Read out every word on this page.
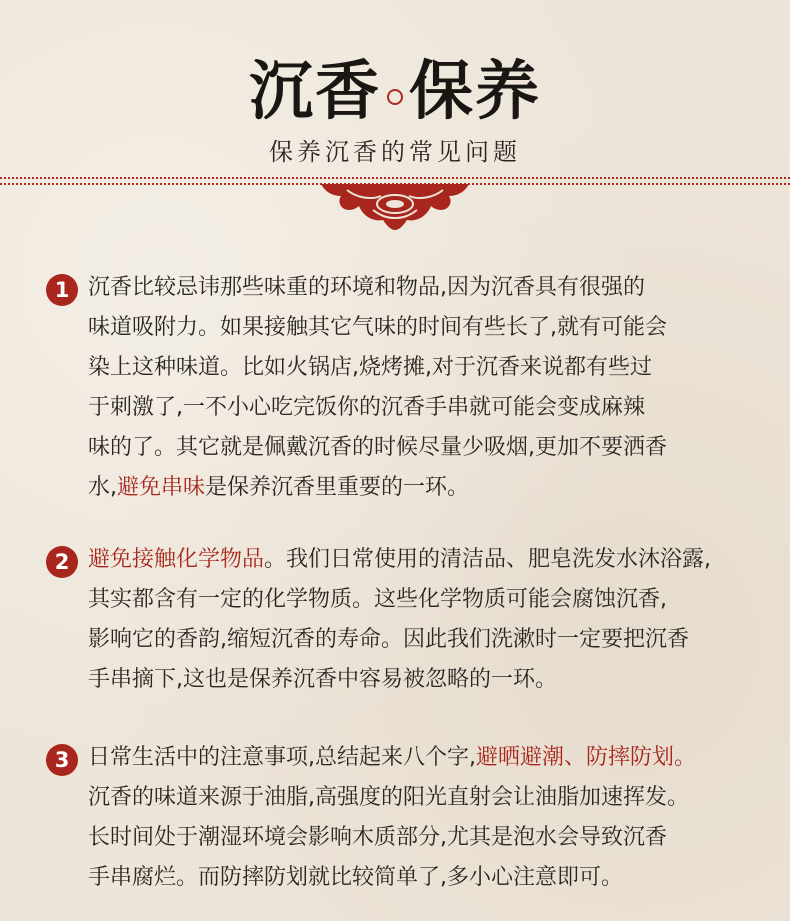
沉香 保养
保养沉香的常见问题
1 沉香比较忌讳那些味重的环境和物品,因为沉香具有很强的
味道吸附力。如果接触其它气味的时间有些长了,就有可能会
染上这种味道。比如火锅店,烧烤摊,对于沉香来说都有些过
于刺激了,一不小心吃完饭你的沉香手串就可能会变成麻辣
味的了。其它就是佩戴沉香的时候尽量少吸烟,更加不要洒香
水,避免串味是保养沉香里重要的一环。
2 避免接触化学物品。我们日常使用的清洁品、肥皂洗发水沐浴露,
其实都含有一定的化学物质。这些化学物质可能会腐蚀沉香,
影响它的香韵,缩短沉香的寿命。因此我们洗漱时一定要把沉香
手串摘下,这也是保养沉香中容易被忽略的一环。
3 日常生活中的注意事项,总结起来八个字,避晒避潮、防摔防划。
沉香的味道来源于油脂,高强度的阳光直射会让油脂加速挥发。
长时间处于潮湿环境会影响木质部分,尤其是泡水会导致沉香
手串腐烂。而防摔防划就比较简单了,多小心注意即可。
